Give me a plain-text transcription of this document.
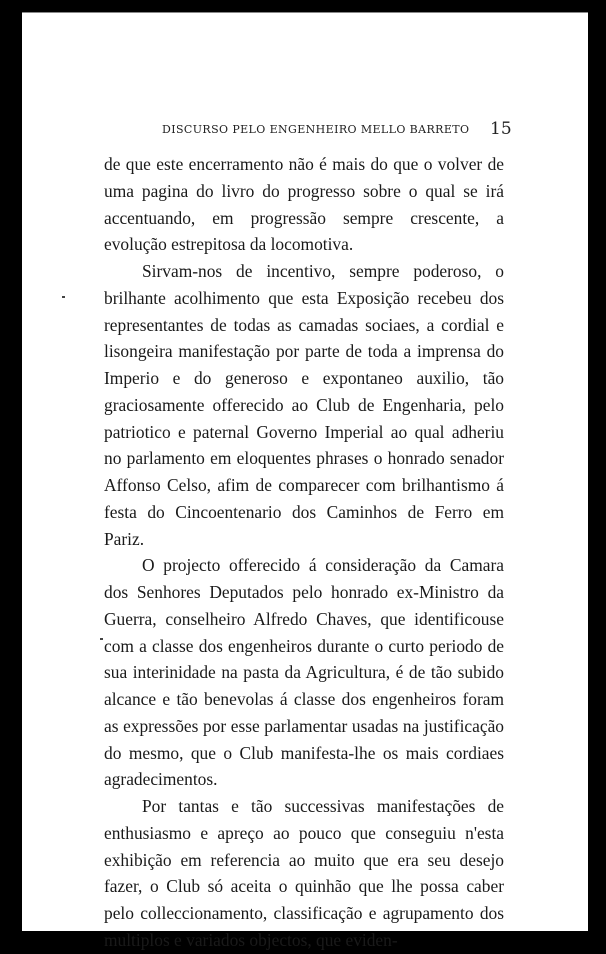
DISCURSO PELO ENGENHEIRO MELLO BARRETO 15

de que este encerramento não é mais do que o volver de uma pagina do livro do progresso sobre o qual se irá accentuando, em progressão sempre crescente, a evolução estrepitosa da locomotiva.

Sirvam-nos de incentivo, sempre poderoso, o brilhante acolhimento que esta Exposição recebeu dos representantes de todas as camadas sociaes, a cordial e lisongeira manifestação por parte de toda a imprensa do Imperio e do generoso e expontaneo auxilio, tão graciosamente offerecido ao Club de Engenharia, pelo patriotico e paternal Governo Imperial ao qual adheriu no parlamento em eloquentes phrases o honrado senador Affonso Celso, afim de comparecer com brilhantismo á festa do Cincoentenario dos Caminhos de Ferro em Pariz.

O projecto offerecido á consideração da Camara dos Senhores Deputados pelo honrado ex-Ministro da Guerra, conselheiro Alfredo Chaves, que identificouse com a classe dos engenheiros durante o curto periodo de sua interinidade na pasta da Agricultura, é de tão subido alcance e tão benevolas á classe dos engenheiros foram as expressões por esse parlamentar usadas na justificação do mesmo, que o Club manifesta-lhe os mais cordiaes agradecimentos.

Por tantas e tão successivas manifestações de enthusiasmo e apreço ao pouco que conseguiu n'esta exhibição em referencia ao muito que era seu desejo fazer, o Club só aceita o quinhão que lhe possa caber pelo colleccionamento, classificação e agrupamento dos multiplos e variados objectos, que eviden-
